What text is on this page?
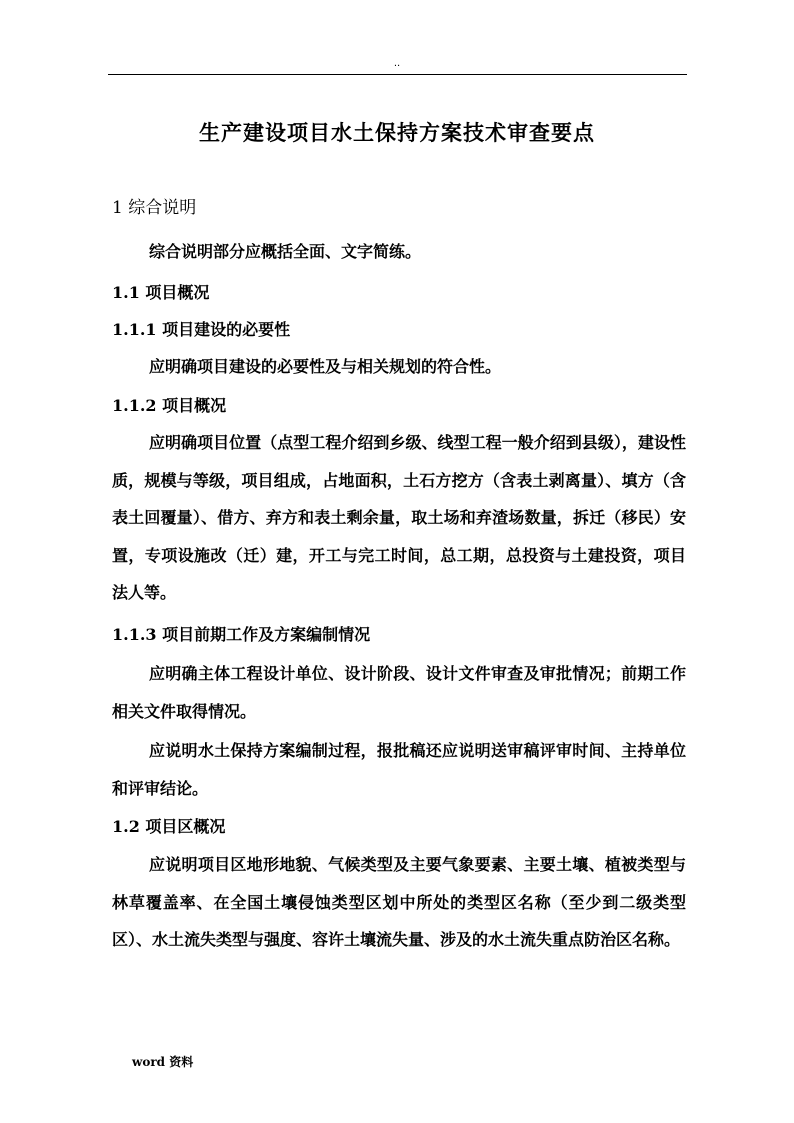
..
生产建设项目水土保持方案技术审查要点
1 综合说明
综合说明部分应概括全面、文字简练。
1.1 项目概况
1.1.1 项目建设的必要性
应明确项目建设的必要性及与相关规划的符合性。
1.1.2 项目概况

应明确项目位置（点型工程介绍到乡级、线型工程一般介绍到县级），建设性质，规模与等级，项目组成，占地面积，土石方挖方（含表土剥离量）、填方（含表土回覆量）、借方、弃方和表土剩余量，取土场和弃渣场数量，拆迁（移民）安置，专项设施改（迁）建，开工与完工时间，总工期，总投资与土建投资，项目法人等。

1.1.3 项目前期工作及方案编制情况

应明确主体工程设计单位、设计阶段、设计文件审查及审批情况；前期工作相关文件取得情况。

应说明水土保持方案编制过程，报批稿还应说明送审稿评审时间、主持单位和评审结论。

1.2 项目区概况

应说明项目区地形地貌、气候类型及主要气象要素、主要土壤、植被类型与林草覆盖率、在全国土壤侵蚀类型区划中所处的类型区名称（至少到二级类型区）、水土流失类型与强度、容许土壤流失量、涉及的水土流失重点防治区名称。

word 资料
